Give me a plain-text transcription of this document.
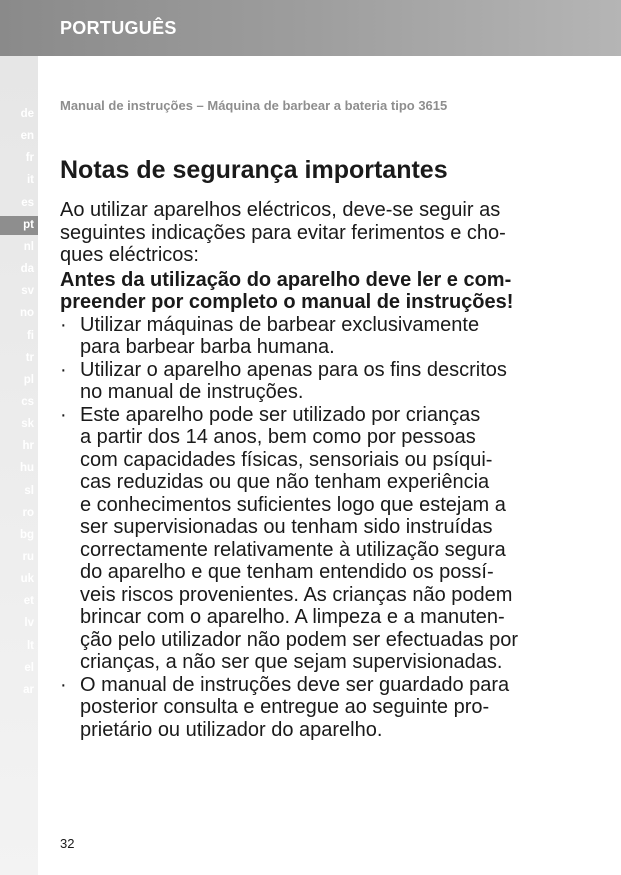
PORTUGUÊS
de
en
fr
it
es
pt
nl
da
sv
no
fi
tr
pl
cs
sk
hr
hu
sl
ro
bg
ru
uk
et
lv
lt
el
ar
Manual de instruções – Máquina de barbear a bateria tipo 3615
Notas de segurança importantes

Ao utilizar aparelhos eléctricos, deve-se seguir as
seguintes indicações para evitar ferimentos e cho-
ques eléctricos:

Antes da utilização do aparelho deve ler e com-
preender por completo o manual de instruções!

· Utilizar máquinas de barbear exclusivamente
para barbear barba humana.
· Utilizar o aparelho apenas para os fins descritos
no manual de instruções.
· Este aparelho pode ser utilizado por crianças
a partir dos 14 anos, bem como por pessoas
com capacidades físicas, sensoriais ou psíqui-
cas reduzidas ou que não tenham experiência
e conhecimentos suficientes logo que estejam a
ser supervisionadas ou tenham sido instruídas
correctamente relativamente à utilização segura
do aparelho e que tenham entendido os possí-
veis riscos provenientes. As crianças não podem
brincar com o aparelho. A limpeza e a manuten-
ção pelo utilizador não podem ser efectuadas por
crianças, a não ser que sejam supervisionadas.
· O manual de instruções deve ser guardado para
posterior consulta e entregue ao seguinte pro-
prietário ou utilizador do aparelho.
32
